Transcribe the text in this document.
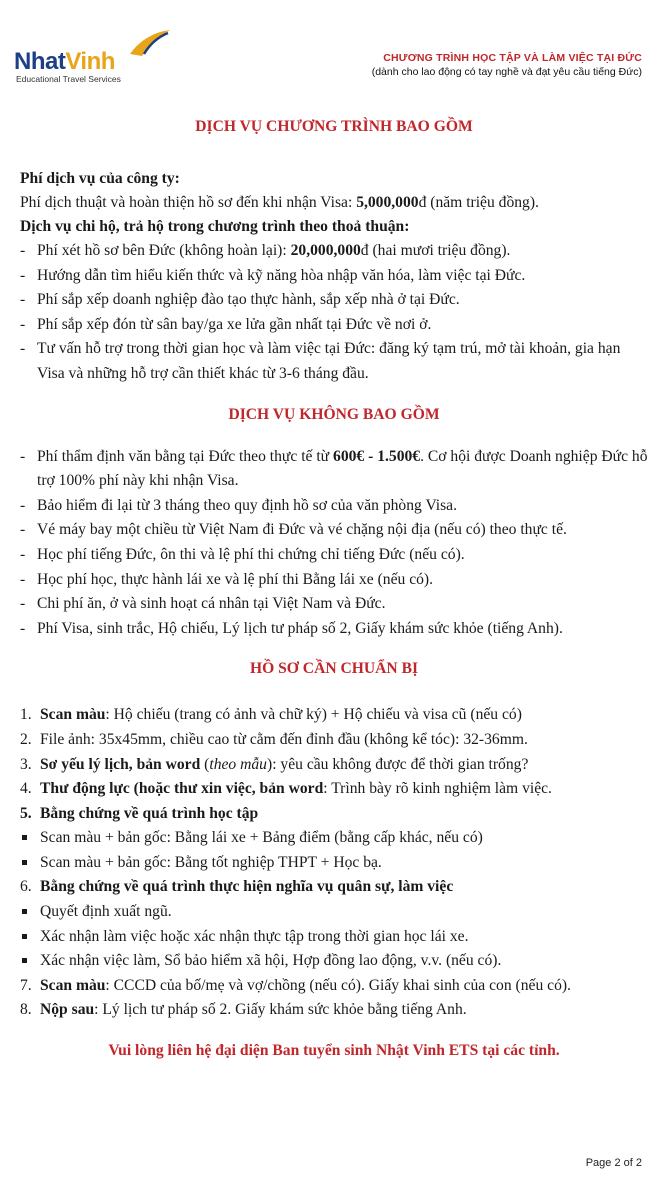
NhatVinh
Educational Travel Services
CHƯƠNG TRÌNH HỌC TẬP VÀ LÀM VIỆC TẠI ĐỨC
(dành cho lao động có tay nghề và đạt yêu cầu tiếng Đức)
DỊCH VỤ CHƯƠNG TRÌNH BAO GỒM
Phí dịch vụ của công ty:
Phí dịch thuật và hoàn thiện hồ sơ đến khi nhận Visa: 5,000,000đ (năm triệu đồng).
Dịch vụ chi hộ, trả hộ trong chương trình theo thoả thuận:
- Phí xét hồ sơ bên Đức (không hoàn lại): 20,000,000đ (hai mươi triệu đồng).
- Hướng dẫn tìm hiểu kiến thức và kỹ năng hòa nhập văn hóa, làm việc tại Đức.
- Phí sắp xếp doanh nghiệp đào tạo thực hành, sắp xếp nhà ở tại Đức.
- Phí sắp xếp đón từ sân bay/ga xe lửa gần nhất tại Đức về nơi ở.
- Tư vấn hỗ trợ trong thời gian học và làm việc tại Đức: đăng ký tạm trú, mở tài khoản, gia hạn Visa và những hỗ trợ cần thiết khác từ 3-6 tháng đầu.
DỊCH VỤ KHÔNG BAO GỒM
- Phí thẩm định văn bằng tại Đức theo thực tế từ 600€ - 1.500€. Cơ hội được Doanh nghiệp Đức hỗ trợ 100% phí này khi nhận Visa.
- Bảo hiểm đi lại từ 3 tháng theo quy định hồ sơ của văn phòng Visa.
- Vé máy bay một chiều từ Việt Nam đi Đức và vé chặng nội địa (nếu có) theo thực tế.
- Học phí tiếng Đức, ôn thi và lệ phí thi chứng chỉ tiếng Đức (nếu có).
- Học phí học, thực hành lái xe và lệ phí thi Bằng lái xe (nếu có).
- Chi phí ăn, ở và sinh hoạt cá nhân tại Việt Nam và Đức.
- Phí Visa, sinh trắc, Hộ chiếu, Lý lịch tư pháp số 2, Giấy khám sức khỏe (tiếng Anh).
HỒ SƠ CẦN CHUẨN BỊ
1. Scan màu: Hộ chiếu (trang có ảnh và chữ ký) + Hộ chiếu và visa cũ (nếu có)
2. File ảnh: 35x45mm, chiều cao từ cằm đến đỉnh đầu (không kể tóc): 32-36mm.
3. Sơ yếu lý lịch, bản word (theo mẫu): yêu cầu không được để thời gian trống?
4. Thư động lực (hoặc thư xin việc, bản word: Trình bày rõ kinh nghiệm làm việc.
5. Bằng chứng về quá trình học tập
Scan màu + bản gốc: Bằng lái xe + Bảng điểm (bằng cấp khác, nếu có)
Scan màu + bản gốc: Bằng tốt nghiệp THPT + Học bạ.
6. Bằng chứng về quá trình thực hiện nghĩa vụ quân sự, làm việc
Quyết định xuất ngũ.
Xác nhận làm việc hoặc xác nhận thực tập trong thời gian học lái xe.
Xác nhận việc làm, Sổ bảo hiểm xã hội, Hợp đồng lao động, v.v. (nếu có).
7. Scan màu: CCCD của bố/mẹ và vợ/chồng (nếu có). Giấy khai sinh của con (nếu có).
8. Nộp sau: Lý lịch tư pháp số 2. Giấy khám sức khỏe bằng tiếng Anh.
Vui lòng liên hệ đại diện Ban tuyển sinh Nhật Vinh ETS tại các tỉnh.
Page 2 of 2
